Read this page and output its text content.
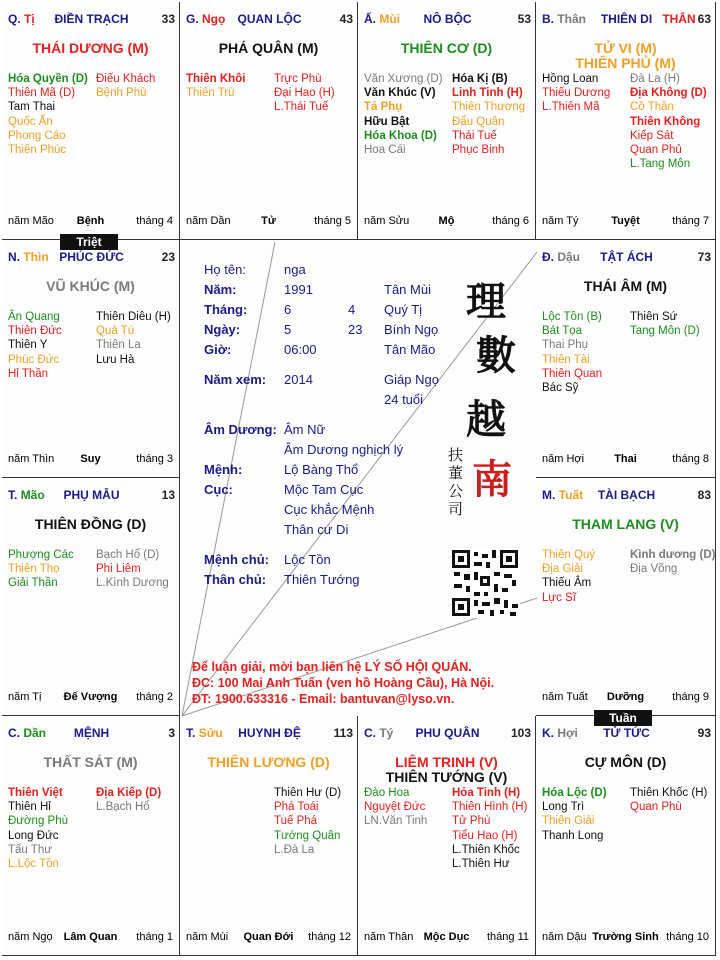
ĐIỀN TRẠCH
Q. Tị	33
THÁI DƯƠNG (M)
Hóa Quyền (D)
Thiên Mã (D)
Tam Thai
Quốc Ấn
Phong Cáo
Thiên Phúc
Điếu Khách
Bệnh Phù
năm Mão	Bệnh	tháng 4
QUAN LỘC
G. Ngọ	43
PHÁ QUÂN (M)
Thiên Khôi
Thiên Trù
Trực Phù
Đại Hao (H)
L.Thái Tuế
năm Dần	Tử	tháng 5
NÔ BỘC
Ấ. Mùi	53
THIÊN CƠ (D)
Văn Xương (D)
Văn Khúc (V)
Tả Phụ
Hữu Bật
Hóa Khoa (D)
Hoa Cái
Hóa Kị (B)
Linh Tinh (H)
Thiên Thương
Đẩu Quân
Thái Tuế
Phục Binh
năm Sửu	Mộ	tháng 6
THIÊN DI
B. Thân	THÂN 63
TỬ VI (M)
THIÊN PHỦ (M)
Hồng Loan
Thiếu Dương
L.Thiên Mã
Đà La (H)
Địa Không (D)
Cô Thần
Thiên Không
Kiếp Sát
Quan Phủ
L.Tang Môn
năm Tý	Tuyệt	tháng 7
PHÚC ĐỨC
N. Thìn	23
VŨ KHÚC (M)
Ân Quang
Thiên Đức
Thiên Y
Phúc Đức
Hỉ Thần
Thiên Diêu (H)
Quả Tú
Thiên La
Lưu Hà
năm Thìn	Suy	tháng 3
TẬT ÁCH
Đ. Dậu	73
THÁI ÂM (M)
Lộc Tồn (B)
Bát Tọa
Thai Phụ
Thiên Tài
Thiên Quan
Bác Sỹ
Thiên Sứ
Tang Môn (D)
năm Hợi	Thai	tháng 8
PHỤ MẪU
T. Mão	13
THIÊN ĐỒNG (D)
Phượng Các
Thiên Thọ
Giải Thần
Bạch Hổ (D)
Phi Liêm
L.Kình Dương
năm Tị	Đế Vượng	tháng 2
TÀI BẠCH
M. Tuất	83
THAM LANG (V)
Thiên Quý
Địa Giải
Thiếu Âm
Lực Sĩ
Kình dương (D)
Địa Võng
năm Tuất	Dưỡng	tháng 9
MỆNH
C. Dần	3
THẤT SÁT (M)
Thiên Việt
Thiên Hỉ
Đường Phù
Long Đức
Tấu Thư
L.Lộc Tồn
Địa Kiếp (D)
L.Bạch Hổ
năm Ngọ Lâm Quan	tháng 1
HUYNH ĐỆ
T. Sửu	113
THIÊN LƯƠNG (D)
Thiên Hư (D)
Phá Toái
Tuế Phá
Tướng Quân
L.Đà La
năm Mùi	Quan Đới	tháng 12
PHU QUÂN
C. Tý	103
LIÊM TRINH (V)
THIÊN TƯỚNG (V)
Đào Hoa
Nguyệt Đức
LN.Văn Tinh
Hỏa Tinh (H)
Thiên Hình (H)
Tử Phù
Tiểu Hao (H)
L.Thiên Khốc
L.Thiên Hư
năm Thân Mộc Dục	tháng 11
TỬ TỨC
K. Hợi	93
CỰ MÔN (D)
Hóa Lộc (D)
Long Trì
Thiên Giải
Thanh Long
Thiên Khốc (H)
Quan Phù
năm Dậu Trường Sinh tháng 10
Triệt
Tuần
Họ tên:	nga
Năm:	1991	Tân Mùi
Tháng:	6	4 Quý Tị
Ngày:	5	23 Bính Ngọ
Giờ:	06:00	Tân Mão
Năm xem: 2014	Giáp Ngọ
24 tuổi
Âm Dương: Âm Nữ
Âm Dương nghịch lý
Mệnh:	Lộ Bàng Thổ
Cục:	Mộc Tam Cục
Cục khắc Mệnh
Thân cư Di
Mệnh chủ: Lộc Tồn
Thân chủ: Thiên Tướng
理
數
越
南
扶董公司
Để luận giải, mời bạn liên hệ LÝ SỐ HỘI QUÁN.
ĐC: 100 Mai Anh Tuấn (ven hồ Hoàng Cầu), Hà Nội.
ĐT: 1900.633316 - Email: bantuvan@lyso.vn.
